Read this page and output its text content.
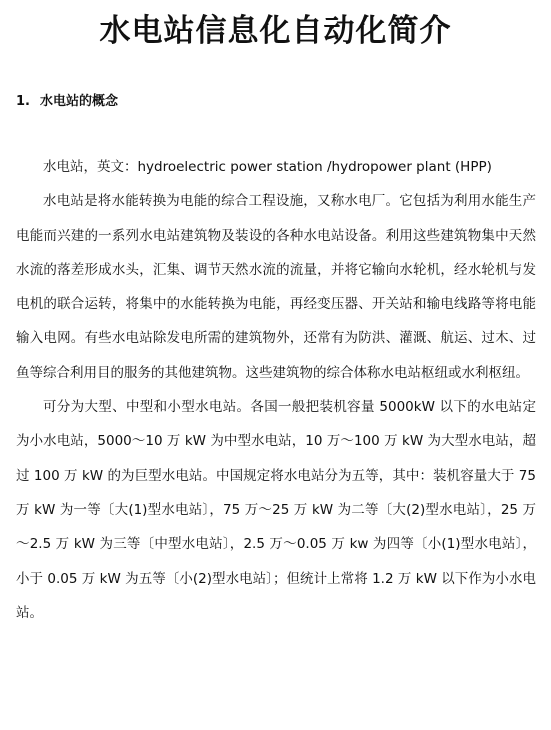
水电站信息化自动化简介
1. 水电站的概念

水电站，英文：hydroelectric power station /hydropower plant (HPP)

水电站是将水能转换为电能的综合工程设施，又称水电厂。它包括为利用水能生产电能而兴建的一系列水电站建筑物及装设的各种水电站设备。利用这些建筑物集中天然水流的落差形成水头，汇集、调节天然水流的流量，并将它输向水轮机，经水轮机与发电机的联合运转，将集中的水能转换为电能，再经变压器、开关站和输电线路等将电能输入电网。有些水电站除发电所需的建筑物外，还常有为防洪、灌溉、航运、过木、过鱼等综合利用目的服务的其他建筑物。这些建筑物的综合体称水电站枢纽或水利枢纽。

可分为大型、中型和小型水电站。各国一般把装机容量 5000kW 以下的水电站定为小水电站，5000～10 万 kW 为中型水电站，10 万～100 万 kW 为大型水电站，超过 100 万 kW 的为巨型水电站。中国规定将水电站分为五等，其中：装机容量大于 75 万 kW 为一等〔大(1)型水电站〕，75 万～25 万 kW 为二等〔大(2)型水电站〕，25 万～2.5 万 kW 为三等〔中型水电站〕，2.5 万～0.05 万 kw 为四等〔小(1)型水电站〕，小于 0.05 万 kW 为五等〔小(2)型水电站〕；但统计上常将 1.2 万 kW 以下作为小水电站。
